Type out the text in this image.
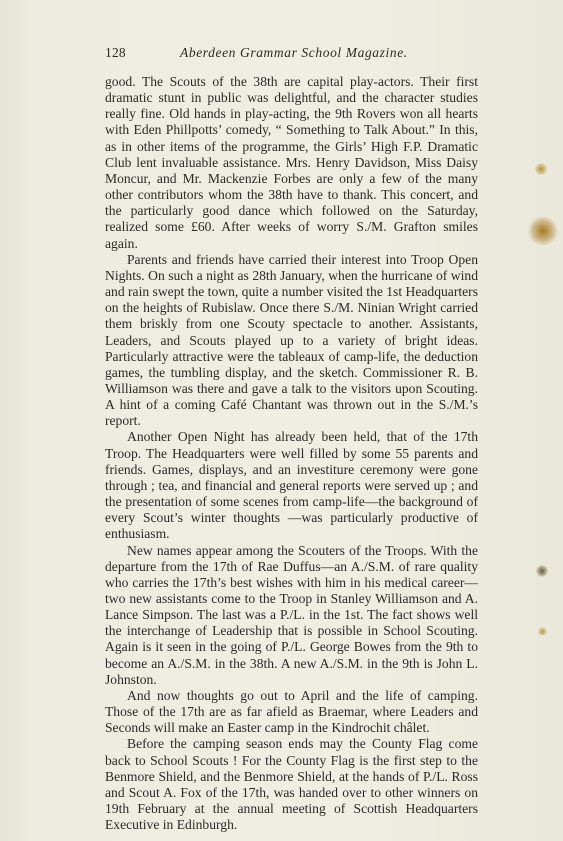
128	Aberdeen Grammar School Magazine.

good. The Scouts of the 38th are capital play-actors. Their first dramatic stunt in public was delightful, and the character studies really fine. Old hands in play-acting, the 9th Rovers won all hearts with Eden Phillpotts’ comedy, “ Something to Talk About.” In this, as in other items of the programme, the Girls’ High F.P. Dramatic Club lent invaluable assistance. Mrs. Henry Davidson, Miss Daisy Moncur, and Mr. Mackenzie Forbes are only a few of the many other contributors whom the 38th have to thank. This concert, and the particularly good dance which followed on the Saturday, realized some £60. After weeks of worry S./M. Grafton smiles again.

Parents and friends have carried their interest into Troop Open Nights. On such a night as 28th January, when the hurricane of wind and rain swept the town, quite a number visited the 1st Headquarters on the heights of Rubislaw. Once there S./M. Ninian Wright carried them briskly from one Scouty spectacle to another. Assistants, Leaders, and Scouts played up to a variety of bright ideas. Particularly attractive were the tableaux of camp-life, the deduction games, the tumbling display, and the sketch. Commissioner R. B. Williamson was there and gave a talk to the visitors upon Scouting. A hint of a coming Café Chantant was thrown out in the S./M.’s report.

Another Open Night has already been held, that of the 17th Troop. The Headquarters were well filled by some 55 parents and friends. Games, displays, and an investiture ceremony were gone through ; tea, and financial and general reports were served up ; and the presentation of some scenes from camp-life—the background of every Scout’s winter thoughts —was particularly productive of enthusiasm.

New names appear among the Scouters of the Troops. With the departure from the 17th of Rae Duffus—an A./S.M. of rare quality who carries the 17th’s best wishes with him in his medical career—two new assistants come to the Troop in Stanley Williamson and A. Lance Simpson. The last was a P./L. in the 1st. The fact shows well the interchange of Leadership that is possible in School Scouting. Again is it seen in the going of P./L. George Bowes from the 9th to become an A./S.M. in the 38th. A new A./S.M. in the 9th is John L. Johnston.

And now thoughts go out to April and the life of camping. Those of the 17th are as far afield as Braemar, where Leaders and Seconds will make an Easter camp in the Kindrochit châlet.

Before the camping season ends may the County Flag come back to School Scouts ! For the County Flag is the first step to the Benmore Shield, and the Benmore Shield, at the hands of P./L. Ross and Scout A. Fox of the 17th, was handed over to other winners on 19th February at the annual meeting of Scottish Headquarters Executive in Edinburgh.
